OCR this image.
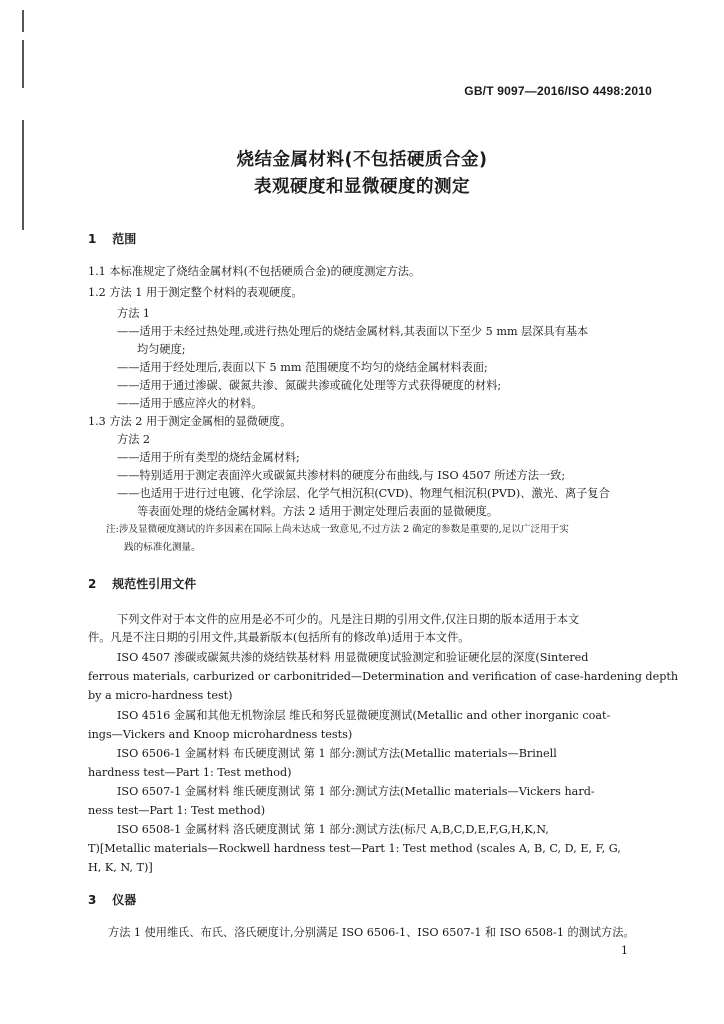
GB/T 9097—2016/ISO 4498:2010
烧结金属材料(不包括硬质合金)
表观硬度和显微硬度的测定
1 范围
1.1 本标准规定了烧结金属材料(不包括硬质合金)的硬度测定方法。
1.2 方法 1 用于测定整个材料的表观硬度。
方法 1
——适用于未经过热处理,或进行热处理后的烧结金属材料,其表面以下至少 5 mm 层深具有基本
均匀硬度;
——适用于经处理后,表面以下 5 mm 范围硬度不均匀的烧结金属材料表面;
——适用于通过渗碳、碳氮共渗、氮碳共渗或硫化处理等方式获得硬度的材料;
——适用于感应淬火的材料。
1.3 方法 2 用于测定金属相的显微硬度。
方法 2
——适用于所有类型的烧结金属材料;
——特别适用于测定表面淬火或碳氮共渗材料的硬度分布曲线,与 ISO 4507 所述方法一致;
——也适用于进行过电镀、化学涂层、化学气相沉积(CVD)、物理气相沉积(PVD)、激光、离子复合
等表面处理的烧结金属材料。方法 2 适用于测定处理后表面的显微硬度。
注:涉及显微硬度测试的许多因素在国际上尚未达成一致意见,不过方法 2 确定的参数是重要的,足以广泛用于实
践的标准化测量。
2 规范性引用文件
下列文件对于本文件的应用是必不可少的。凡是注日期的引用文件,仅注日期的版本适用于本文
件。凡是不注日期的引用文件,其最新版本(包括所有的修改单)适用于本文件。
ISO 4507 渗碳或碳氮共渗的烧结铁基材料 用显微硬度试验测定和验证硬化层的深度(Sintered
ferrous materials, carburized or carbonitrided—Determination and verification of case-hardening depth
by a micro-hardness test)
ISO 4516 金属和其他无机物涂层 维氏和努氏显微硬度测试(Metallic and other inorganic coat-
ings—Vickers and Knoop microhardness tests)
ISO 6506-1 金属材料 布氏硬度测试 第 1 部分:测试方法(Metallic materials—Brinell
hardness test—Part 1: Test method)
ISO 6507-1 金属材料 维氏硬度测试 第 1 部分:测试方法(Metallic materials—Vickers hard-
ness test—Part 1: Test method)
ISO 6508-1 金属材料 洛氏硬度测试 第 1 部分:测试方法(标尺 A,B,C,D,E,F,G,H,K,N,
T)[Metallic materials—Rockwell hardness test—Part 1: Test method (scales A, B, C, D, E, F, G,
H, K, N, T)]
3 仪器
方法 1 使用维氏、布氏、洛氏硬度计,分别满足 ISO 6506-1、ISO 6507-1 和 ISO 6508-1 的测试方法。
1
